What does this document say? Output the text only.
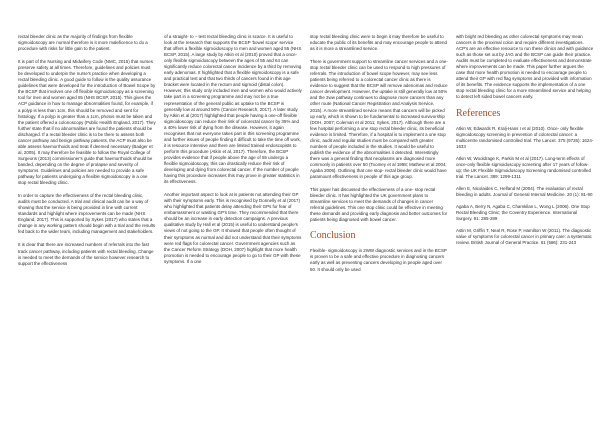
rectal bleeder clinic as the majority of findings from flexible sigmoidoscopy are normal therefore is it more maleficence to do a procedure with risks for little gain to the patient.

It is part of the Nursing and Midwifery Code (NMC, 2015) that nurses preserve safety at all times. Therefore, guidelines and policies must be developed to underpin the nurse's practice when developing a rectal bleeding clinic. A good guide to follow is the quality assurance guidelines that were developed for the introduction of Bowel Scope by the BCSP that involves one off flexible sigmoidoscopy as a screening tool for men and women aged 55 (NHS BCSP, 2015). This gives the ACP guidance in how to manage abnormalities found, for example, if a polyp is less than 1cm, this should be removed and sent for histology. If a polyp is greater than a 1cm, photos must be taken and the patient offered a colonoscopy (Public Health England, 2017). They further state that if no abnormalities are found the patients should be discharged. If a rectal bleeder clinic is to be there to assess both cancer pathway and benign pathway patients, the ACP must also be able assess haemorrhoids and treat if deemed necessary (Badger et al, 2005). It may therefore be feasible to follow the Royal College of Surgeons (2013) commissioner's guide that haemorrhoids should be banded, depending on the degree of prolapse and severity of symptoms. Guidelines and policies are needed to provide a safe pathway for patients undergoing a flexible sigmoidoscopy in a one stop rectal bleeding clinic.

In order to capture the effectiveness of the rectal bleeding clinic, audits must be conducted. A trial and clinical audit can be a way of showing that the service is being provided in line with current standards and highlight where improvements can be made (NHS England, 2017). This is supported by Sykes (2017) who states that a change in any working pattern should begin with a trial and the results fed back to the wider team, including management and stakeholders.

It is clear that there are increased numbers of referrals into the fast track cancer pathway, including patients with rectal bleeding. Change is needed to meet the demands of the service however research to support the effectiveness

of a straight- to – test rectal bleeding clinic is scarce. It is useful to look at the research that supports the BCSP 'bowel scope' service that offers a flexible sigmoidoscopy to men and women aged 55 (NHS BCSP, 2015). A large study by Atkin et al (2010) proved that a once-only flexible sigmoidoscopy between the ages of 55 and 64 can significantly reduce colorectal cancer incidence by a third by removing early adenomas. It highlighted that a flexible sigmoidoscopy is a safe and practical test and that two thirds of cancers found in this age bracket were located in the rectum and sigmoid (distal colon). However, this study only included men and women who would actively take part in a screening programme and may not be a true representation of the general public as uptake to the BCSP is generally low at around 50% (Cancer Research, 2017). A later study by Atkin et al (2017) highlighted that people having a one-off flexible sigmoidoscopy can reduce their risk of colorectal cancer by 35% and a 40% lower risk of dying from the disease. However, it again recognises that not everyone takes part in this screening programme and further issues of people finding it difficult to take the time off work, it is resource intensive and there are limited trained endoscopists to perform this procedure (Atkin et al, 2017). Therefore, the BCSP provides evidence that if people above the age of 55 undergo a flexible sigmoidoscopy, this can drastically reduce their risk of developing and dying from colorectal cancer. If the number of people having this procedure increases this may prove in greater statistics in its effectiveness.

Another important aspect to look at is patients not attending their GP with their symptoms early. This is recognised by Donnelly et al (2017) who highlighted that patients delay attending their GPs for fear of embarrassment or wasting GP's time. They recommended that there should be an increase in early detection campaigns. A previous qualitative study by Hall et al (2015) is useful to understand people's views of not going to the GP. It showed that people often thought of their symptoms as normal and did not understand that their symptoms were red flags for colorectal cancer. Government agencies such as the Cancer Reform Strategy (DOH, 2007) highlight that more health promotion is needed to encourage people to go to their GP with these symptoms. If a one

stop rectal bleeding clinic were to begin it may therefore be useful to educate the public of its benefits and may encourage people to attend as it is more a streamlined service.

There is government support to streamline cancer services and a one- stop rectal bleeder clinic can be used to respond to high pressures of referrals. The introduction of bowel scope however, may see less patients being referred to a colorectal cancer clinic as there is evidence to suggest that the BCSP will remove adenomas and reduce cancer development. However, the uptake is still generally low at 50% and the 2ww pathway continues to diagnose more cancers than any other route (National Cancer Registration and Analysis Service, 2015). A more streamlined service means that cancers will be picked up early, which is shown to be fundamental to increased survivorship (DOH, 2007; Coleman et al 2011; Sykes, 2017). Although there are a few hospital performing a one stop rectal bleeder clinic, its beneficial evidence is limited. Therefore, if a hospital is to implement a one stop clinic, audit and regular studies must be compared with greater numbers of people included in the studies. It would be useful to publish the evidence of the abnormalities it detected. Interestingly there was a general finding that neoplasms are diagnosed more commonly in patients over 50 (Toomey et al 1998; Mathew et al 2004; Agaba 2006). Outlining that one stop- rectal bleeder clinic would have paramount effectiveness in people of this age group.

This paper has discussed the effectiveness of a one- stop rectal bleeder clinic. It has highlighted the UK government plans to streamline services to meet the demands of changes in cancer referral guidelines. This one stop clinic could be effective in meeting these demands and providing early diagnosis and better outcomes for patients being diagnosed with bowel cancer.

Conclusion

Flexible- sigmoidoscopy in 2WW diagnostic services and in the BCSP is proven to be a safe and effective procedure in diagnosing cancers early as well as preventing cancers developing in people aged over 50. It should only be used

with bright red bleeding as other colorectal symptoms may mean cancers in the proximal colon and require different investigations. ACP's are an effective resource to run these clinics and with guidance such as those set out by JAG and the BCSP can guide their practice. Audits must be completed to evaluate effectiveness and demonstrate where improvements can be made. This paper further argues the case that more health promotion is needed to encourage people to attend their GP with red flag symptoms and provided with information of its benefits. The evidence supports the implementation of a one stop rectal bleeding clinic for a more streamlined service and helping to detect left sided bowel cancers early.

References

Atkin W, Edwards R, Kralj-Hans I et al (2010). Once- only flexible sigmoidoscopy screening in prevention of colorectal cancer: a multicentre randomised controlled trial. The Lancet. 375 (9726): 1624-1633

Atkin W, Wooldrage K, Parkin M et al (2017). Long-term effects of once-only flexible sigmoidoscopy screening after 17 years of follow-up; the UK Flexible Sigmoidoscopy Screening randomised controlled trial. The Lancet. 389: 1299-1311

Allen E, Nicolaides C, Helfand M (2004). The evaluation of rectal bleeding in adults. Journal of General Internal Medicine. 20 (1): 81-90

Agaba A, Berry N, Agaba C, Chamkilan L, Wong L (2006). One Stop Rectal Bleeding Clinic; the Coventry Experience. International Surgery. 91: 285-289

Astin M, Griffin T, Neal R, Rose P, Hamilton W (2011). The diagnostic value of symptoms for colorectal cancer in primary care: a systematic review. British Journal of General Practice. 61 (586): 231-243
